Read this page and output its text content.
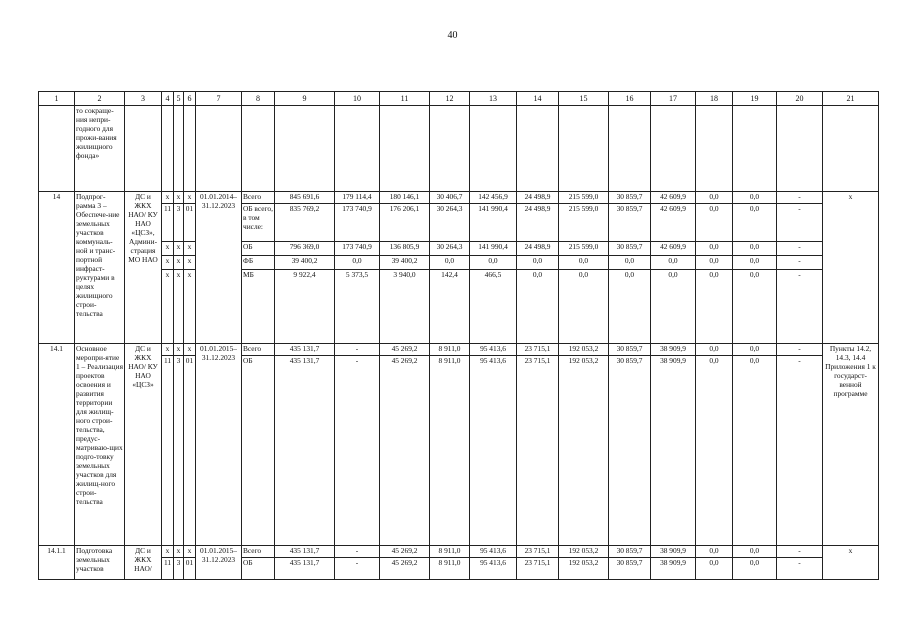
40
1	2	3	4	5	6	7	8	9	10	11	12	13	14	15	16	17	18	19	20	21
	то сокраще-ния непри-годного для прожи-вания жилищного фонда»																			
14	Подпрог-рамма 3 – Обеспече-ние земельных участков коммуналь-ной и транс-портной инфраст-руктурами в целях жилищного строи-тельства	ДС и ЖКХ НАО/ КУ НАО «ЦСЗ», Админи-страция МО НАО	х	х	х	01.01.2014– 31.12.2023	Всего	845 691,6	179 114,4	180 146,1	30 406,7	142 456,9	24 498,9	215 599,0	30 859,7	42 609,9	0,0	0,0	-	х
			11	3	01		ОБ всего, в том числе:	835 769,2	173 740,9	176 206,1	30 264,3	141 990,4	24 498,9	215 599,0	30 859,7	42 609,9	0,0	0,0	-	
			х	х	х		ОБ	796 369,0	173 740,9	136 805,9	30 264,3	141 990,4	24 498,9	215 599,0	30 859,7	42 609,9	0,0	0,0	-	
			х	х	х		ФБ	39 400,2	0,0	39 400,2	0,0	0,0	0,0	0,0	0,0	0,0	0,0	0,0	-	
			х	х	х		МБ	9 922,4	5 373,5	3 940,0	142,4	466,5	0,0	0,0	0,0	0,0	0,0	0,0	-	
14.1	Основное меропри-ятие 1 – Реализация проектов освоения и развития территории для жилищ-ного строи-тельства, предус-матриваю-щих подго-товку земельных участков для жилищ-ного строи-тельства	ДС и ЖКХ НАО/ КУ НАО «ЦСЗ»	х	х	х	01.01.2015– 31.12.2023	Всего	435 131,7	-	45 269,2	8 911,0	95 413,6	23 715,1	192 053,2	30 859,7	38 909,9	0,0	0,0	-	Пункты 14.2, 14.3, 14.4 Приложения 1 к государст-венной программе
			11	3	01		ОБ	435 131,7	-	45 269,2	8 911,0	95 413,6	23 715,1	192 053,2	30 859,7	38 909,9	0,0	0,0	-	
14.1.1	Подготовка земельных участков	ДС и ЖКХ НАО/	х	х	х	01.01.2015– 31.12.2023	Всего	435 131,7	-	45 269,2	8 911,0	95 413,6	23 715,1	192 053,2	30 859,7	38 909,9	0,0	0,0	-	х
			11	3	01		ОБ	435 131,7	-	45 269,2	8 911,0	95 413,6	23 715,1	192 053,2	30 859,7	38 909,9	0,0	0,0	-	
